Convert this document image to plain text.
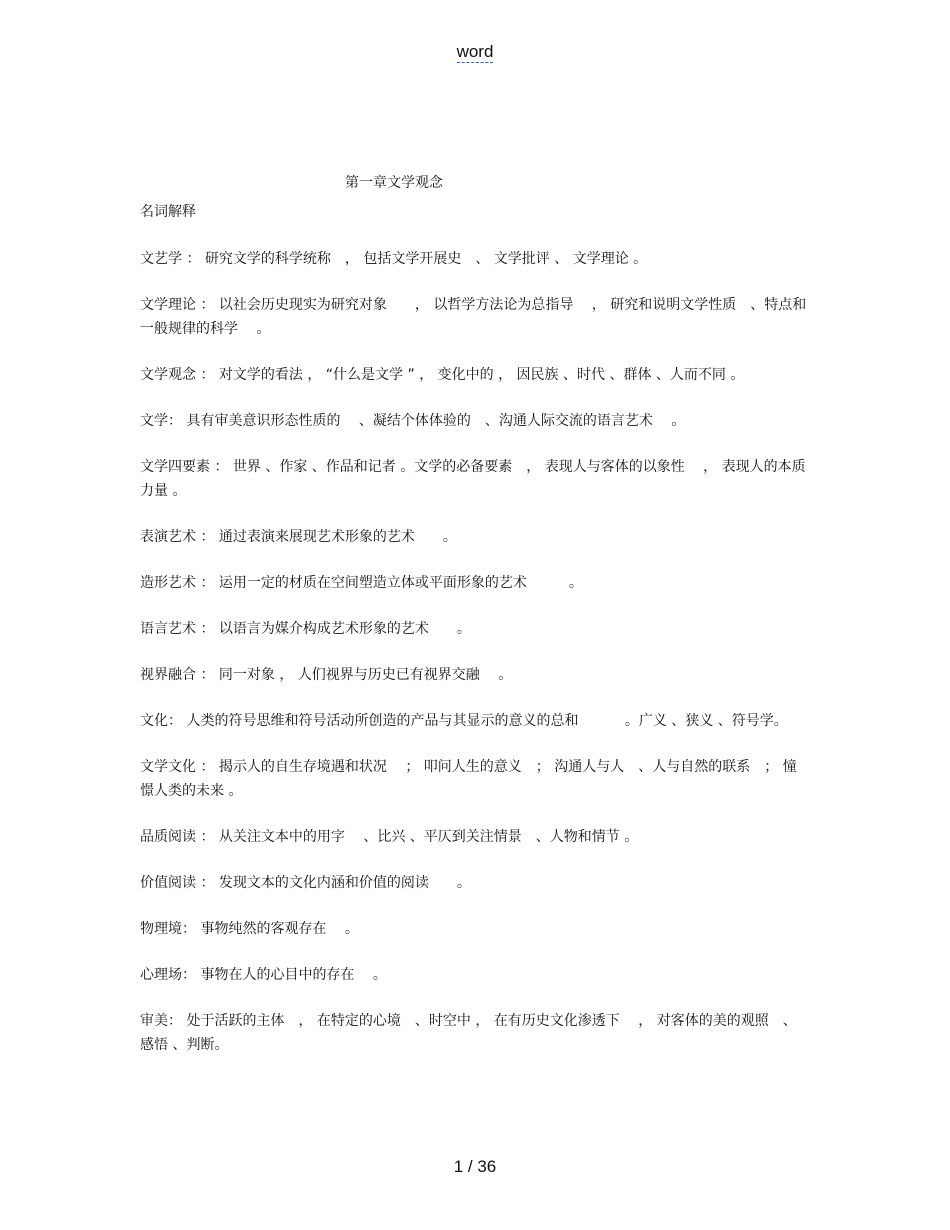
word
第一章文学观念
名词解释

文艺学 ： 研究文学的科学统称　， 包括文学开展史　、 文学批评 、 文学理论 。

文学理论 ： 以社会历史现实为研究对象　　， 以哲学方法论为总指导　 ， 研究和说明文学性质　、特点和一般规律的科学　 。

文学观念 ： 对文学的看法 ， “什么是文学 ” ， 变化中的 ， 因民族 、时代 、群体 、人而不同 。

文学： 具有审美意识形态性质的　 、凝结个体体验的　、沟通人际交流的语言艺术　 。

文学四要素 ： 世界 、作家 、作品和记者 。文学的必备要素　， 表现人与客体的以象性　 ， 表现人的本质力量 。

表演艺术 ： 通过表演来展现艺术形象的艺术　　。

造形艺术 ： 运用一定的材质在空间塑造立体或平面形象的艺术　　　。

语言艺术 ： 以语言为媒介构成艺术形象的艺术　　。

视界融合 ： 同一对象 ， 人们视界与历史已有视界交融　 。

文化： 人类的符号思维和符号活动所创造的产品与其显示的意义的总和　　　 。广义 、狭义 、符号学。

文学文化 ： 揭示人的自生存境遇和状况　 ； 叩问人生的意义　； 沟通人与人　、人与自然的联系　； 憧憬人类的未来 。

品质阅读 ： 从关注文本中的用字　 、比兴 、平仄到关注情景　、人物和情节 。

价值阅读 ： 发现文本的文化内涵和价值的阅读　　。

物理境： 事物纯然的客观存在　 。

心理场： 事物在人的心目中的存在　 。

审美： 处于活跃的主体　， 在特定的心境　、时空中 ， 在有历史文化渗透下　 ， 对客体的美的观照　、感悟 、判断。

1 / 36
